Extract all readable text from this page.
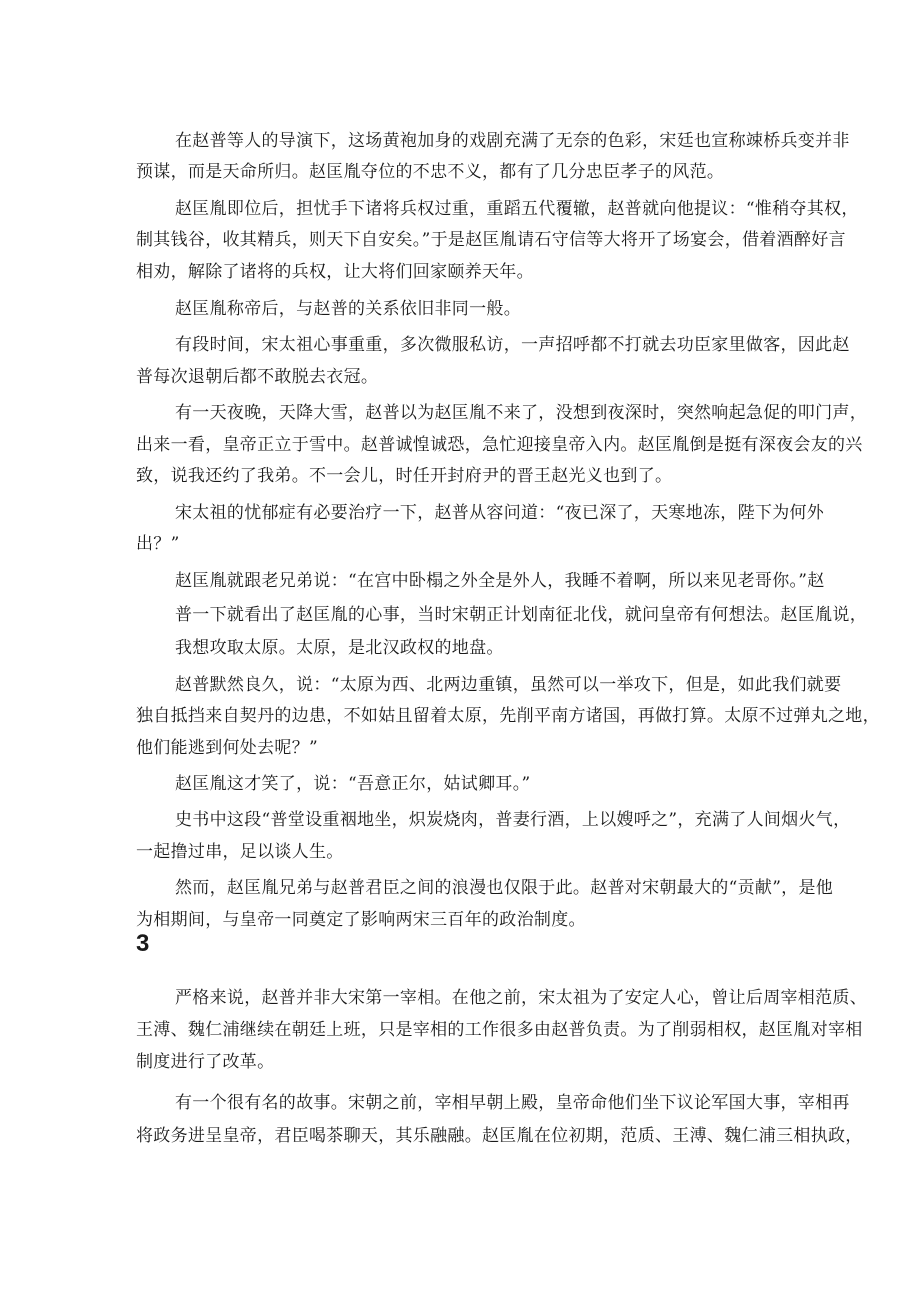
在赵普等人的导演下，这场黄袍加身的戏剧充满了无奈的色彩，宋廷也宣称竦桥兵变并非
预谋，而是天命所归。赵匡胤夺位的不忠不义，都有了几分忠臣孝子的风范。
赵匡胤即位后，担忧手下诸将兵权过重，重蹈五代覆辙，赵普就向他提议：“惟稍夺其权，
制其钱谷，收其精兵，则天下自安矣。”于是赵匡胤请石守信等大将开了场宴会，借着酒醉好言
相劝，解除了诸将的兵权，让大将们回家颐养天年。
赵匡胤称帝后，与赵普的关系依旧非同一般。
有段时间，宋太祖心事重重，多次微服私访，一声招呼都不打就去功臣家里做客，因此赵
普每次退朝后都不敢脱去衣冠。
有一天夜晚，天降大雪，赵普以为赵匡胤不来了，没想到夜深时，突然响起急促的叩门声，
出来一看，皇帝正立于雪中。赵普诚惶诚恐，急忙迎接皇帝入内。赵匡胤倒是挺有深夜会友的兴
致，说我还约了我弟。不一会儿，时任开封府尹的晋王赵光义也到了。
宋太祖的忧郁症有必要治疗一下，赵普从容问道：“夜已深了，天寒地冻，陛下为何外
出？”
赵匡胤就跟老兄弟说：“在宫中卧榻之外全是外人，我睡不着啊，所以来见老哥你。”赵
普一下就看出了赵匡胤的心事，当时宋朝正计划南征北伐，就问皇帝有何想法。赵匡胤说，
我想攻取太原。太原，是北汉政权的地盘。
赵普默然良久，说：“太原为西、北两边重镇，虽然可以一举攻下，但是，如此我们就要
独自抵挡来自契丹的边患，不如姑且留着太原，先削平南方诸国，再做打算。太原不过弹丸之地，
他们能逃到何处去呢？”
赵匡胤这才笑了，说：“吾意正尔，姑试卿耳。”
史书中这段“普堂设重裀地坐，炽炭烧肉，普妻行酒，上以嫂呼之”，充满了人间烟火气，
一起撸过串，足以谈人生。
然而，赵匡胤兄弟与赵普君臣之间的浪漫也仅限于此。赵普对宋朝最大的“贡献”，是他
为相期间，与皇帝一同奠定了影响两宋三百年的政治制度。
3
严格来说，赵普并非大宋第一宰相。在他之前，宋太祖为了安定人心，曾让后周宰相范质、
王溥、魏仁浦继续在朝廷上班，只是宰相的工作很多由赵普负责。为了削弱相权，赵匡胤对宰相
制度进行了改革。
有一个很有名的故事。宋朝之前，宰相早朝上殿，皇帝命他们坐下议论军国大事，宰相再
将政务进呈皇帝，君臣喝茶聊天，其乐融融。赵匡胤在位初期，范质、王溥、魏仁浦三相执政，
